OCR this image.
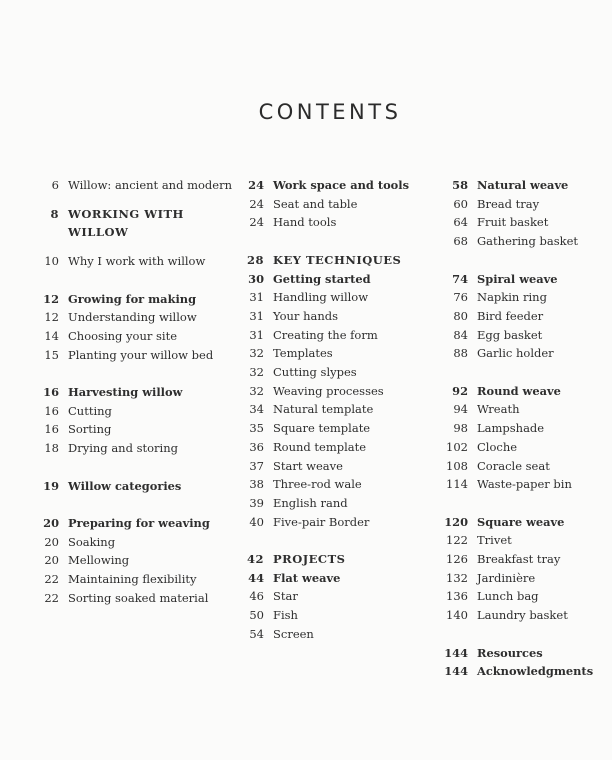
CONTENTS
6 Willow: ancient and modern
8 WORKING WITH
WILLOW
10 Why I work with willow
12 Growing for making
12 Understanding willow
14 Choosing your site
15 Planting your willow bed
16 Harvesting willow
16 Cutting
16 Sorting
18 Drying and storing
19 Willow categories
20 Preparing for weaving
20 Soaking
20 Mellowing
22 Maintaining flexibility
22 Sorting soaked material
24 Work space and tools
24 Seat and table
24 Hand tools
28 KEY TECHNIQUES
30 Getting started
31 Handling willow
31 Your hands
31 Creating the form
32 Templates
32 Cutting slypes
32 Weaving processes
34 Natural template
35 Square template
36 Round template
37 Start weave
38 Three-rod wale
39 English rand
40 Five-pair Border
42 PROJECTS
44 Flat weave
46 Star
50 Fish
54 Screen
58 Natural weave
60 Bread tray
64 Fruit basket
68 Gathering basket
74 Spiral weave
76 Napkin ring
80 Bird feeder
84 Egg basket
88 Garlic holder
92 Round weave
94 Wreath
98 Lampshade
102 Cloche
108 Coracle seat
114 Waste-paper bin
120 Square weave
122 Trivet
126 Breakfast tray
132 Jardinière
136 Lunch bag
140 Laundry basket
144 Resources
144 Acknowledgments
